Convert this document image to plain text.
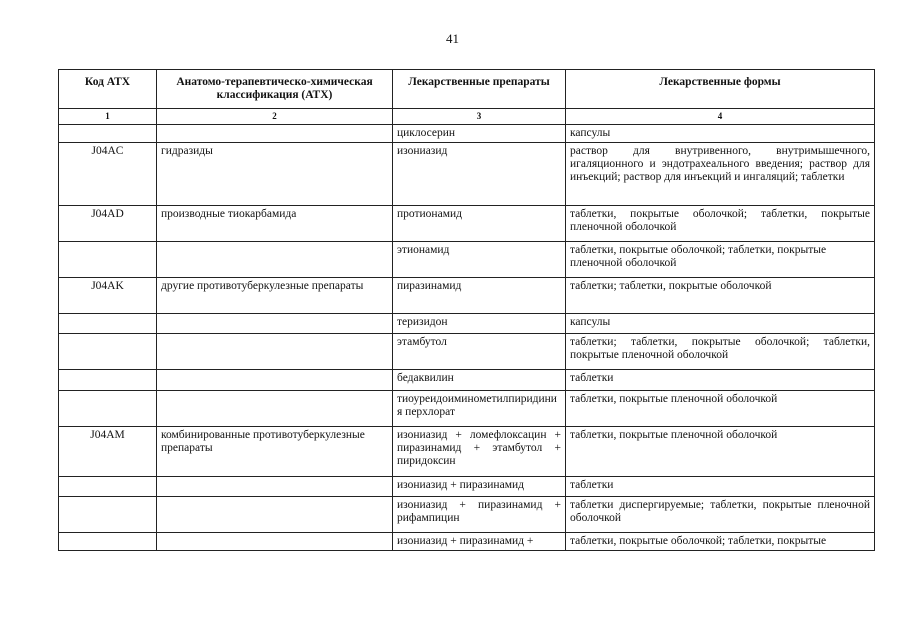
41
Код АТХ	Анатомо-терапевтическо-химическая классификация (АТХ)	Лекарственные препараты	Лекарственные формы
1	2	3	4
		циклосерин	капсулы
J04AC	гидразиды	изониазид	раствор для внутривенного, внутримышечного, игаляционного и эндотрахеального введения; раствор для инъекций; раствор для инъекций и ингаляций; таблетки
J04AD	производные тиокарбамида	протионамид	таблетки, покрытые оболочкой; таблетки, покрытые пленочной оболочкой
		этионамид	таблетки, покрытые оболочкой; таблетки, покрытые пленочной оболочкой
J04AK	другие противотуберкулезные препараты	пиразинамид	таблетки; таблетки, покрытые оболочкой
		теризидон	капсулы
		этамбутол	таблетки; таблетки, покрытые оболочкой; таблетки, покрытые пленочной оболочкой
		бедаквилин	таблетки
		тиоуреидоиминометилпиридиния перхлорат	таблетки, покрытые пленочной оболочкой
J04AM	комбинированные противотуберкулезные препараты	изониазид + ломефлоксацин + пиразинамид + этамбутол + пиридоксин	таблетки, покрытые пленочной оболочкой
		изониазид + пиразинамид	таблетки
		изониазид + пиразинамид + рифампицин	таблетки диспергируемые; таблетки, покрытые пленочной оболочкой
		изониазид + пиразинамид +	таблетки, покрытые оболочкой; таблетки, покрытые
